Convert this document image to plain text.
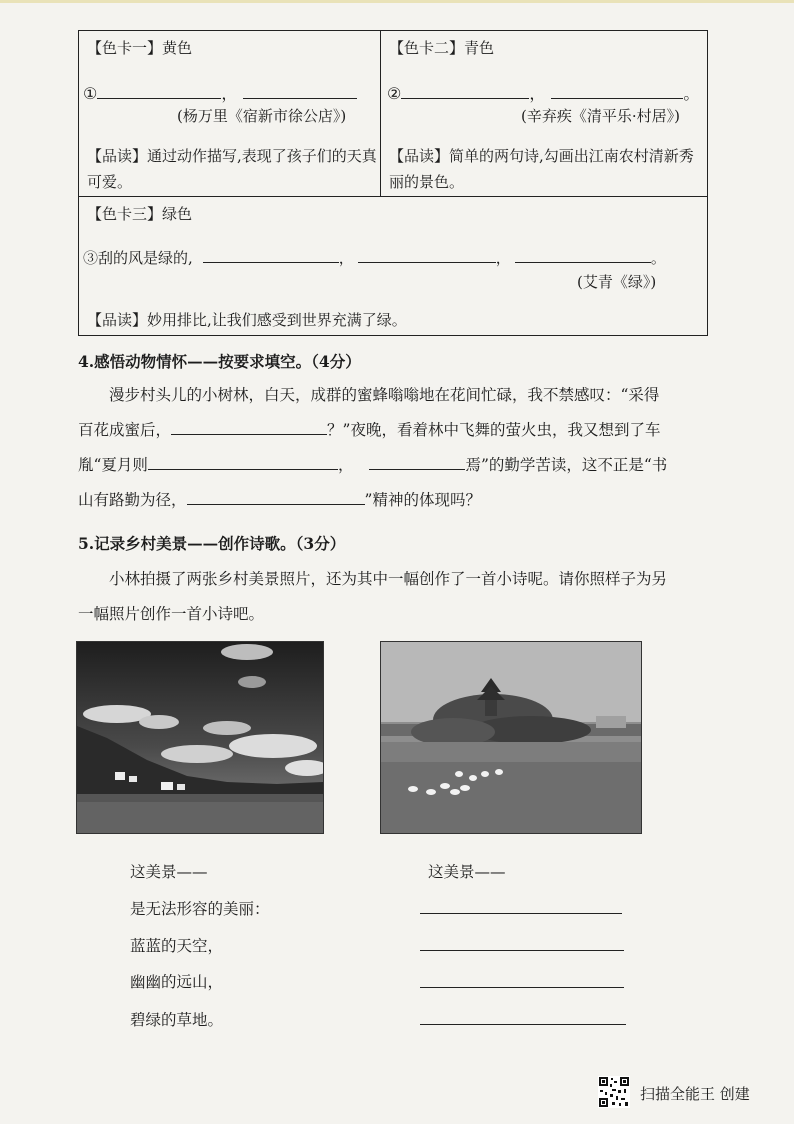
【色卡一】黄色
①	，
(杨万里《宿新市徐公店》)
【品读】通过动作描写,表现了孩子们的天真可爱。
【色卡二】青色
②	，	。
(辛弃疾《清平乐·村居》)
【品读】简单的两句诗,勾画出江南农村清新秀丽的景色。
【色卡三】绿色
③刮的风是绿的,	，	，	。
(艾青《绿》)
【品读】妙用排比,让我们感受到世界充满了绿。
4.感悟动物情怀——按要求填空。（4分）
漫步村头儿的小树林，白天，成群的蜜蜂嗡嗡地在花间忙碌，我不禁感叹：“采得
百花成蜜后，	？”夜晚，看着林中飞舞的萤火虫，我又想到了车
胤“夏月则	，	焉”的勤学苦读，这不正是“书
山有路勤为径，	”精神的体现吗？
5.记录乡村美景——创作诗歌。（3分）
小林拍摄了两张乡村美景照片，还为其中一幅创作了一首小诗呢。请你照样子为另
一幅照片创作一首小诗吧。
这美景——
是无法形容的美丽：
蓝蓝的天空，
幽幽的远山，
碧绿的草地。
这美景——
扫描全能王 创建
